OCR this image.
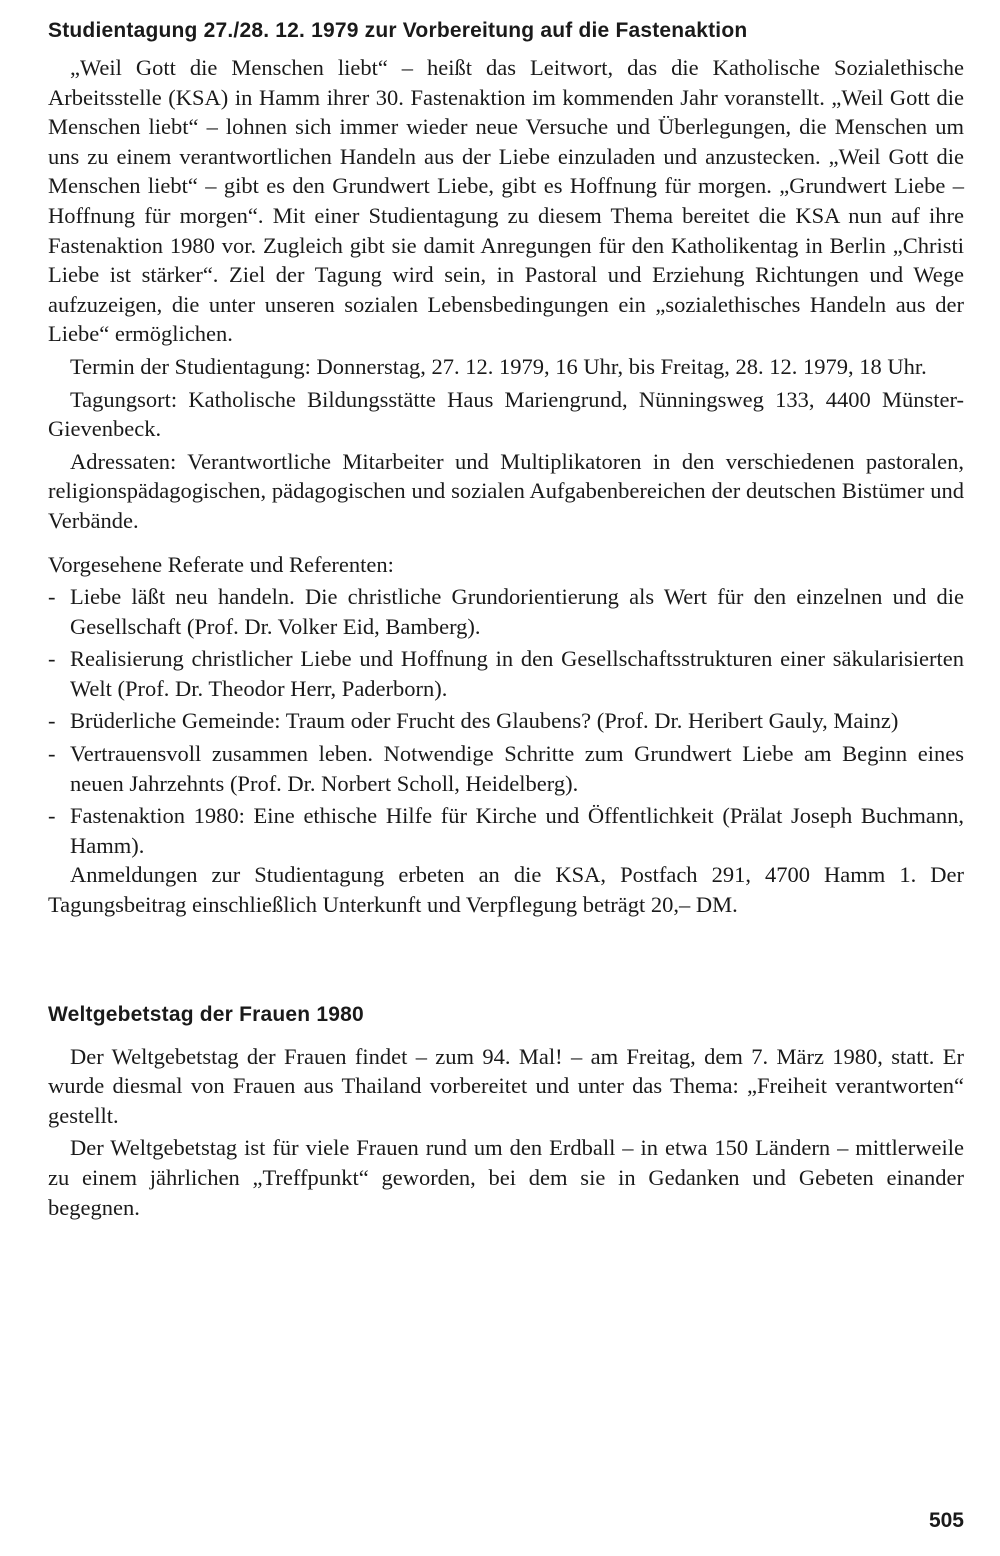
Studientagung 27./28. 12. 1979 zur Vorbereitung auf die Fastenaktion

„Weil Gott die Menschen liebt“ – heißt das Leitwort, das die Katholische Sozialethische Arbeitsstelle (KSA) in Hamm ihrer 30. Fastenaktion im kommenden Jahr voranstellt. „Weil Gott die Menschen liebt“ – lohnen sich immer wieder neue Versuche und Überlegungen, die Menschen um uns zu einem verantwortlichen Handeln aus der Liebe einzuladen und anzustecken. „Weil Gott die Menschen liebt“ – gibt es den Grundwert Liebe, gibt es Hoffnung für morgen. „Grundwert Liebe – Hoffnung für morgen“. Mit einer Studientagung zu diesem Thema bereitet die KSA nun auf ihre Fastenaktion 1980 vor. Zugleich gibt sie damit Anregungen für den Katholikentag in Berlin „Christi Liebe ist stärker“. Ziel der Tagung wird sein, in Pastoral und Erziehung Richtungen und Wege aufzuzeigen, die unter unseren sozialen Lebensbedingungen ein „sozialethisches Handeln aus der Liebe“ ermöglichen.

Termin der Studientagung: Donnerstag, 27. 12. 1979, 16 Uhr, bis Freitag, 28. 12. 1979, 18 Uhr.

Tagungsort: Katholische Bildungsstätte Haus Mariengrund, Nünningsweg 133, 4400 Münster-Gievenbeck.

Adressaten: Verantwortliche Mitarbeiter und Multiplikatoren in den verschiedenen pastoralen, religionspädagogischen, pädagogischen und sozialen Aufgabenbereichen der deutschen Bistümer und Verbände.

Vorgesehene Referate und Referenten:

- Liebe läßt neu handeln. Die christliche Grundorientierung als Wert für den einzelnen und die Gesellschaft (Prof. Dr. Volker Eid, Bamberg).
- Realisierung christlicher Liebe und Hoffnung in den Gesellschaftsstrukturen einer säkularisierten Welt (Prof. Dr. Theodor Herr, Paderborn).
- Brüderliche Gemeinde: Traum oder Frucht des Glaubens? (Prof. Dr. Heribert Gauly, Mainz)
- Vertrauensvoll zusammen leben. Notwendige Schritte zum Grundwert Liebe am Beginn eines neuen Jahrzehnts (Prof. Dr. Norbert Scholl, Heidelberg).
- Fastenaktion 1980: Eine ethische Hilfe für Kirche und Öffentlichkeit (Prälat Joseph Buchmann, Hamm).

Anmeldungen zur Studientagung erbeten an die KSA, Postfach 291, 4700 Hamm 1. Der Tagungsbeitrag einschließlich Unterkunft und Verpflegung beträgt 20,– DM.

Weltgebetstag der Frauen 1980

Der Weltgebetstag der Frauen findet – zum 94. Mal! – am Freitag, dem 7. März 1980, statt. Er wurde diesmal von Frauen aus Thailand vorbereitet und unter das Thema: „Freiheit verantworten“ gestellt.

Der Weltgebetstag ist für viele Frauen rund um den Erdball – in etwa 150 Ländern – mittlerweile zu einem jährlichen „Treffpunkt“ geworden, bei dem sie in Gedanken und Gebeten einander begegnen.

505
